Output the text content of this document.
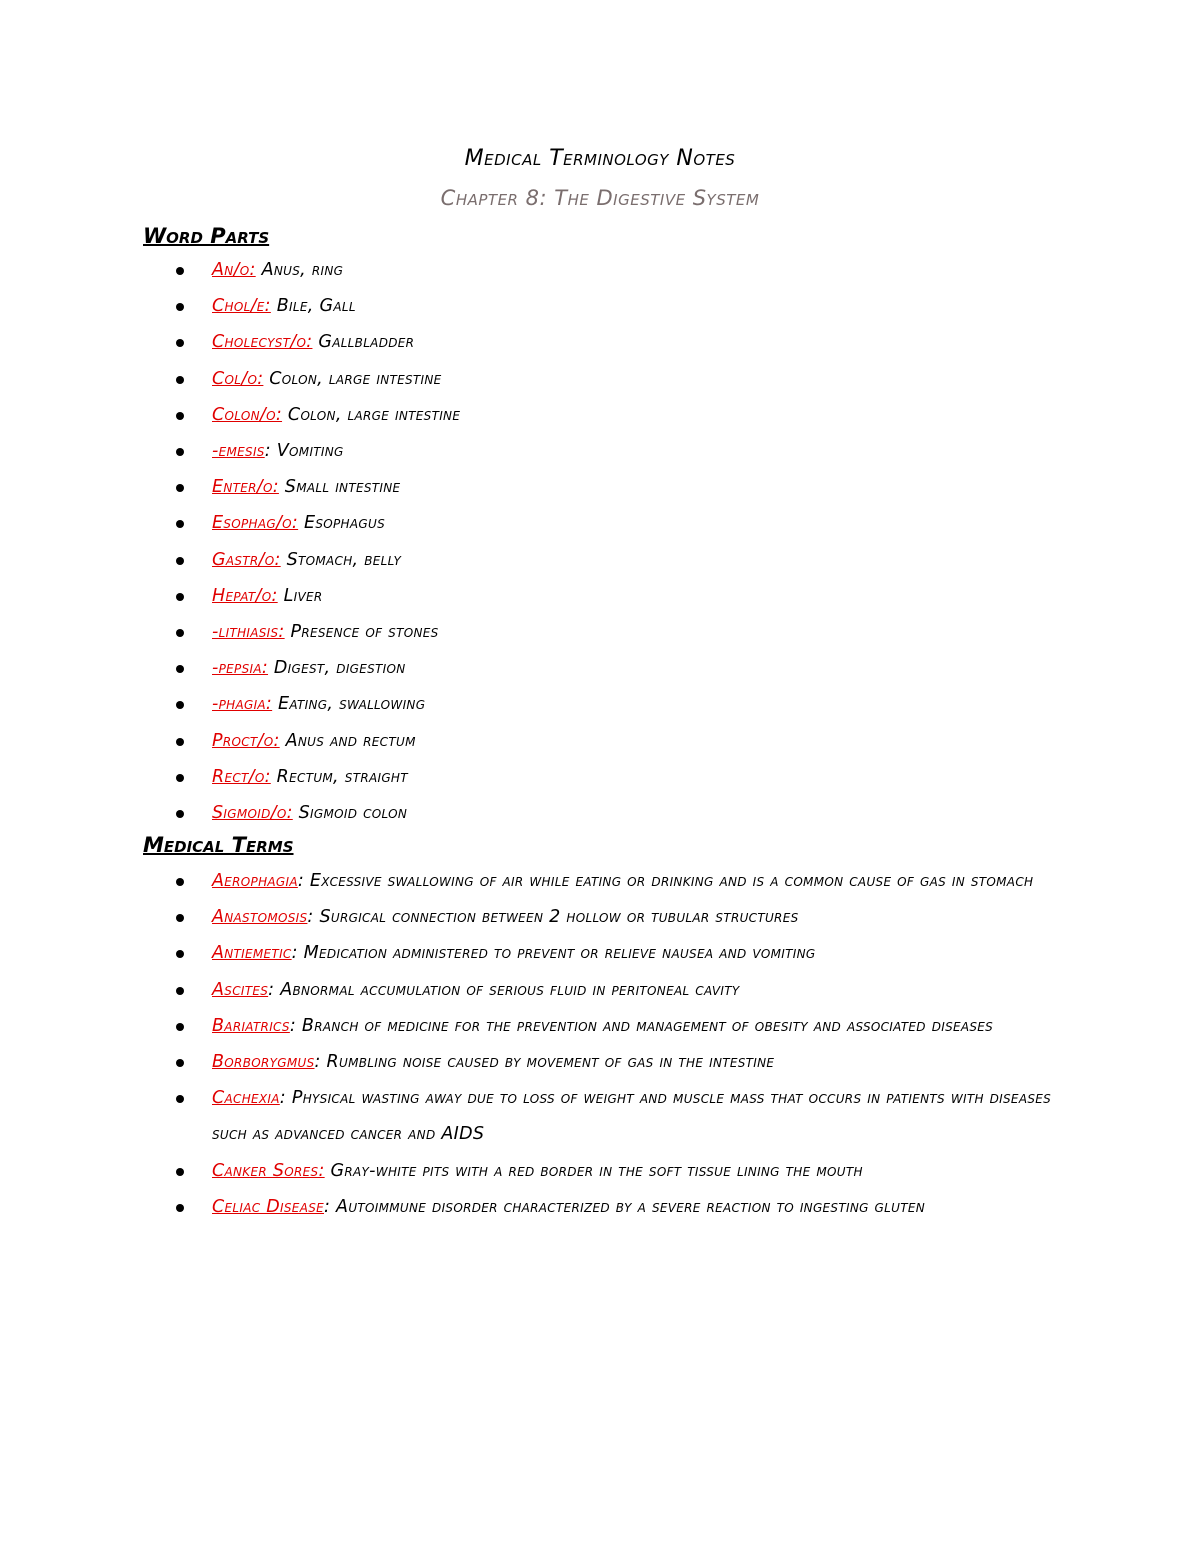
Medical Terminology Notes
Chapter 8: The Digestive System
Word Parts
An/o: Anus, ring
Chol/e: Bile, Gall
Cholecyst/o: Gallbladder
Col/o: Colon, large intestine
Colon/o: Colon, large intestine
-emesis: Vomiting
Enter/o: Small intestine
Esophag/o: Esophagus
Gastr/o: Stomach, belly
Hepat/o: Liver
-lithiasis: Presence of stones
-pepsia: Digest, digestion
-phagia: Eating, swallowing
Proct/o: Anus and rectum
Rect/o: Rectum, straight
Sigmoid/o: Sigmoid colon
Medical Terms
Aerophagia: Excessive swallowing of air while eating or drinking and is a common cause of gas in stomach
Anastomosis: Surgical connection between 2 hollow or tubular structures
Antiemetic: Medication administered to prevent or relieve nausea and vomiting
Ascites: Abnormal accumulation of serious fluid in peritoneal cavity
Bariatrics: Branch of medicine for the prevention and management of obesity and associated diseases
Borborygmus: Rumbling noise caused by movement of gas in the intestine
Cachexia: Physical wasting away due to loss of weight and muscle mass that occurs in patients with diseases such as advanced cancer and AIDS
Canker Sores: Gray-white pits with a red border in the soft tissue lining the mouth
Celiac Disease: Autoimmune disorder characterized by a severe reaction to ingesting gluten
